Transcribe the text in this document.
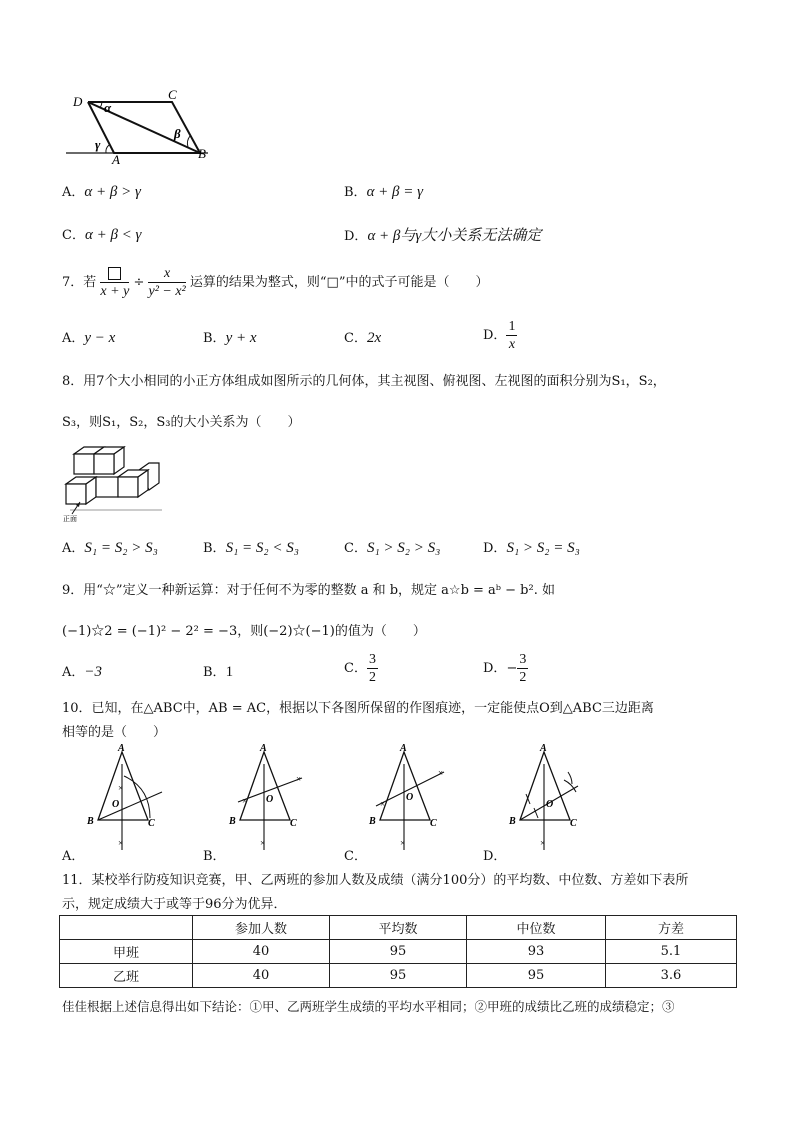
D	C
A	B
α
β
γ
A．α + β > γ	B．α + β = γ
C．α + β < γ	D．α + β与γ大小关系无法确定
7．若
x + y
÷ $\frac{x}{\text{y² − x²}}$ 运算的结果为整式，则“□”中的式子可能是（　　）
A．y − x	B．y + x	C．2x	D． $\frac{1}{x}$
8．用7个大小相同的小正方体组成如图所示的几何体，其主视图、俯视图、左视图的面积分别为S₁，S₂，
S₃，则S₁，S₂，S₃的大小关系为（　　）
正面
A．S₁ = S₂ > S₃	B．S₁ = S₂ < S₃	C．S₁ > S₂ > S₃	D．S₁ > S₂ = S₃
9．用“☆”定义一种新运算：对于任何不为零的整数 a 和 b，规定 a☆b = aᵇ − b². 如
(−1)☆2 = (−1)² − 2² = −3，则(−2)☆(−1)的值为（　　）
A．−3	B．1	C． $\frac{3}{2}$	D．− $\frac{3}{2}$
10．已知，在△ABC中，AB = AC，根据以下各图所保留的作图痕迹，一定能使点O到△ABC三边距离
相等的是（　　）
×
×
A
B	C
O	×
×
×
A
B	C
O	×
×
×
A
B	C
O
×
A
B	C
O
A．	B．	C．	D．
11．某校举行防疫知识竞赛，甲、乙两班的参加人数及成绩（满分100分）的平均数、中位数、方差如下表所
示，规定成绩大于或等于96分为优异．
	参加人数	平均数	中位数	方差
甲班	40	95	93	5.1
乙班	40	95	95	3.6
佳佳根据上述信息得出如下结论：①甲、乙两班学生成绩的平均水平相同；②甲班的成绩比乙班的成绩稳定；③
